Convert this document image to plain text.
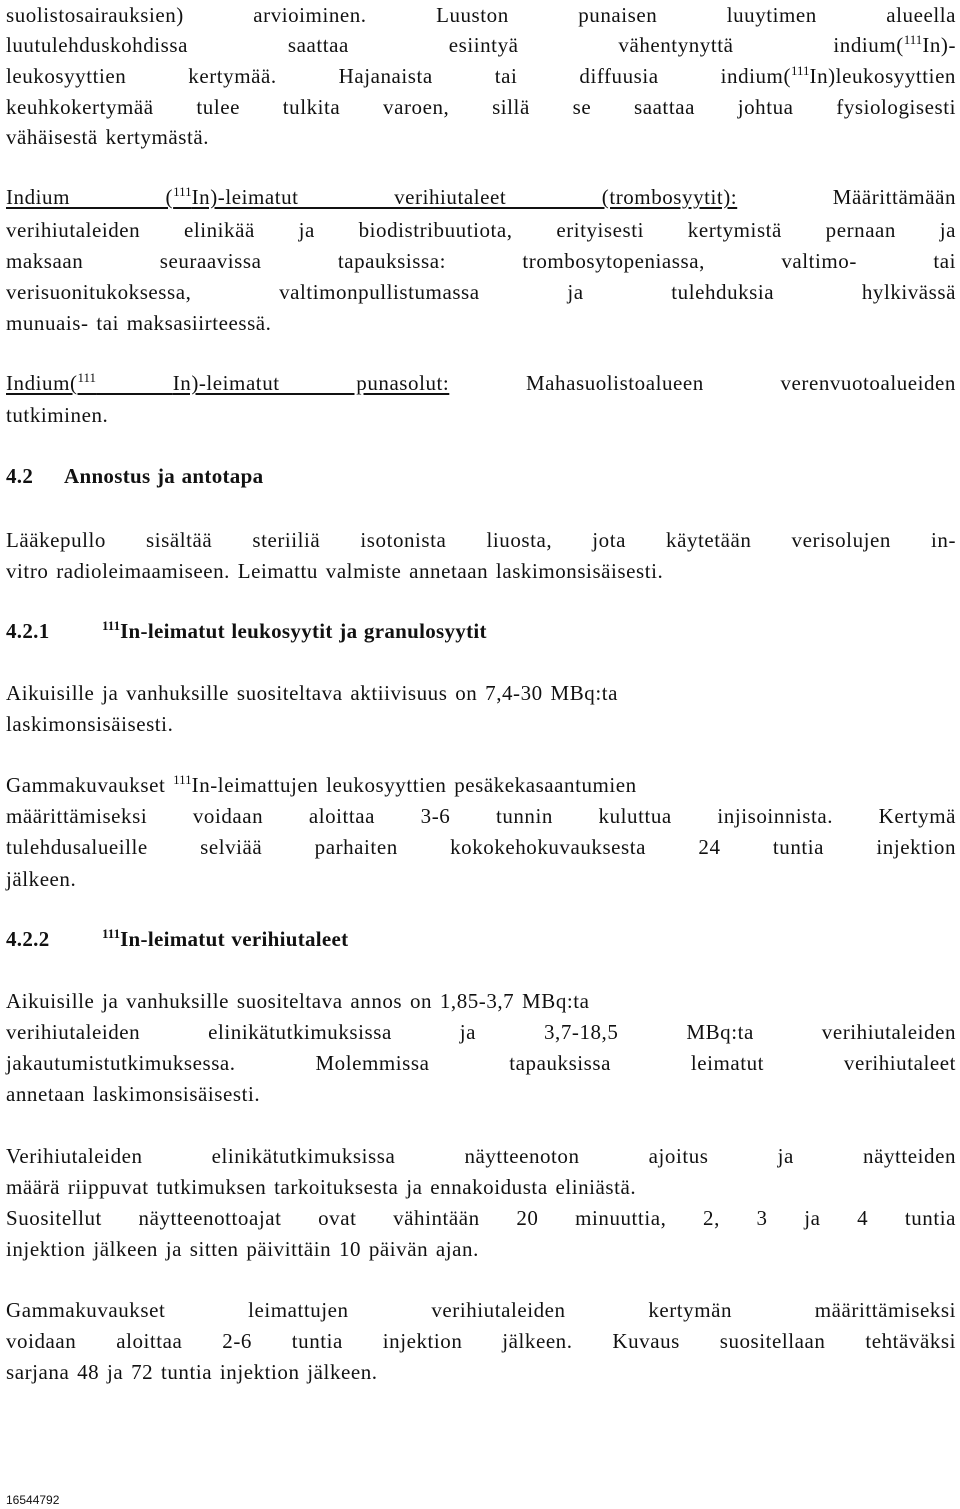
suolistosairauksien) arvioiminen. Luuston punaisen luuytimen alueella
luutulehduskohdissa saattaa esiintyä vähentynyttä indium($^{111}$In)-
leukosyyttien kertymää. Hajanaista tai diffuusia indium($^{111}$In)leukosyyttien
keuhkokertymää tulee tulkita varoen, sillä se saattaa johtua fysiologisesti
vähäisestä kertymästä.
Indium ($^{111}$In)-leimatut verihiutaleet (trombosyytit): Määrittämään
verihiutaleiden elinikää ja biodistribuutiota, erityisesti kertymistä pernaan ja
maksaan seuraavissa tapauksissa: trombosytopeniassa, valtimo- tai
verisuonitukoksessa, valtimonpullistumassa ja tulehduksia hylkivässä
munuais- tai maksasiirteessä.
Indium($^{111}$	In)-leimatut punasolut: Mahasuolistoalueen verenvuotoalueiden
tutkiminen.
4.2 Annostus ja antotapa
Lääkepullo sisältää steriiliä isotonista liuosta, jota käytetään verisolujen in-
vitro radioleimaamiseen. Leimattu valmiste annetaan laskimonsisäisesti.
4.2.1	$^{111}$In-leimatut leukosyytit ja granulosyytit
Aikuisille ja vanhuksille suositeltava aktiivisuus on 7,4-30 MBq:ta
laskimonsisäisesti.
Gammakuvaukset $^{111}$In-leimattujen leukosyyttien pesäkekasaantumien
määrittämiseksi voidaan aloittaa 3-6 tunnin kuluttua injisoinnista. Kertymä
tulehdusalueille selviää parhaiten kokokehokuvauksesta 24 tuntia injektion
jälkeen.
4.2.2	$^{111}$In-leimatut verihiutaleet
Aikuisille ja vanhuksille suositeltava annos on 1,85-3,7 MBq:ta
verihiutaleiden elinikätutkimuksissa ja 3,7-18,5 MBq:ta verihiutaleiden
jakautumistutkimuksessa. Molemmissa tapauksissa leimatut verihiutaleet
annetaan laskimonsisäisesti.
Verihiutaleiden elinikätutkimuksissa näytteenoton ajoitus ja näytteiden
määrä riippuvat tutkimuksen tarkoituksesta ja ennakoidusta eliniästä.
Suositellut näytteenottoajat ovat vähintään 20 minuuttia, 2, 3 ja 4 tuntia
injektion jälkeen ja sitten päivittäin 10 päivän ajan.
Gammakuvaukset leimattujen verihiutaleiden kertymän määrittämiseksi
voidaan aloittaa 2-6 tuntia injektion jälkeen. Kuvaus suositellaan tehtäväksi
sarjana 48 ja 72 tuntia injektion jälkeen.
16544792
